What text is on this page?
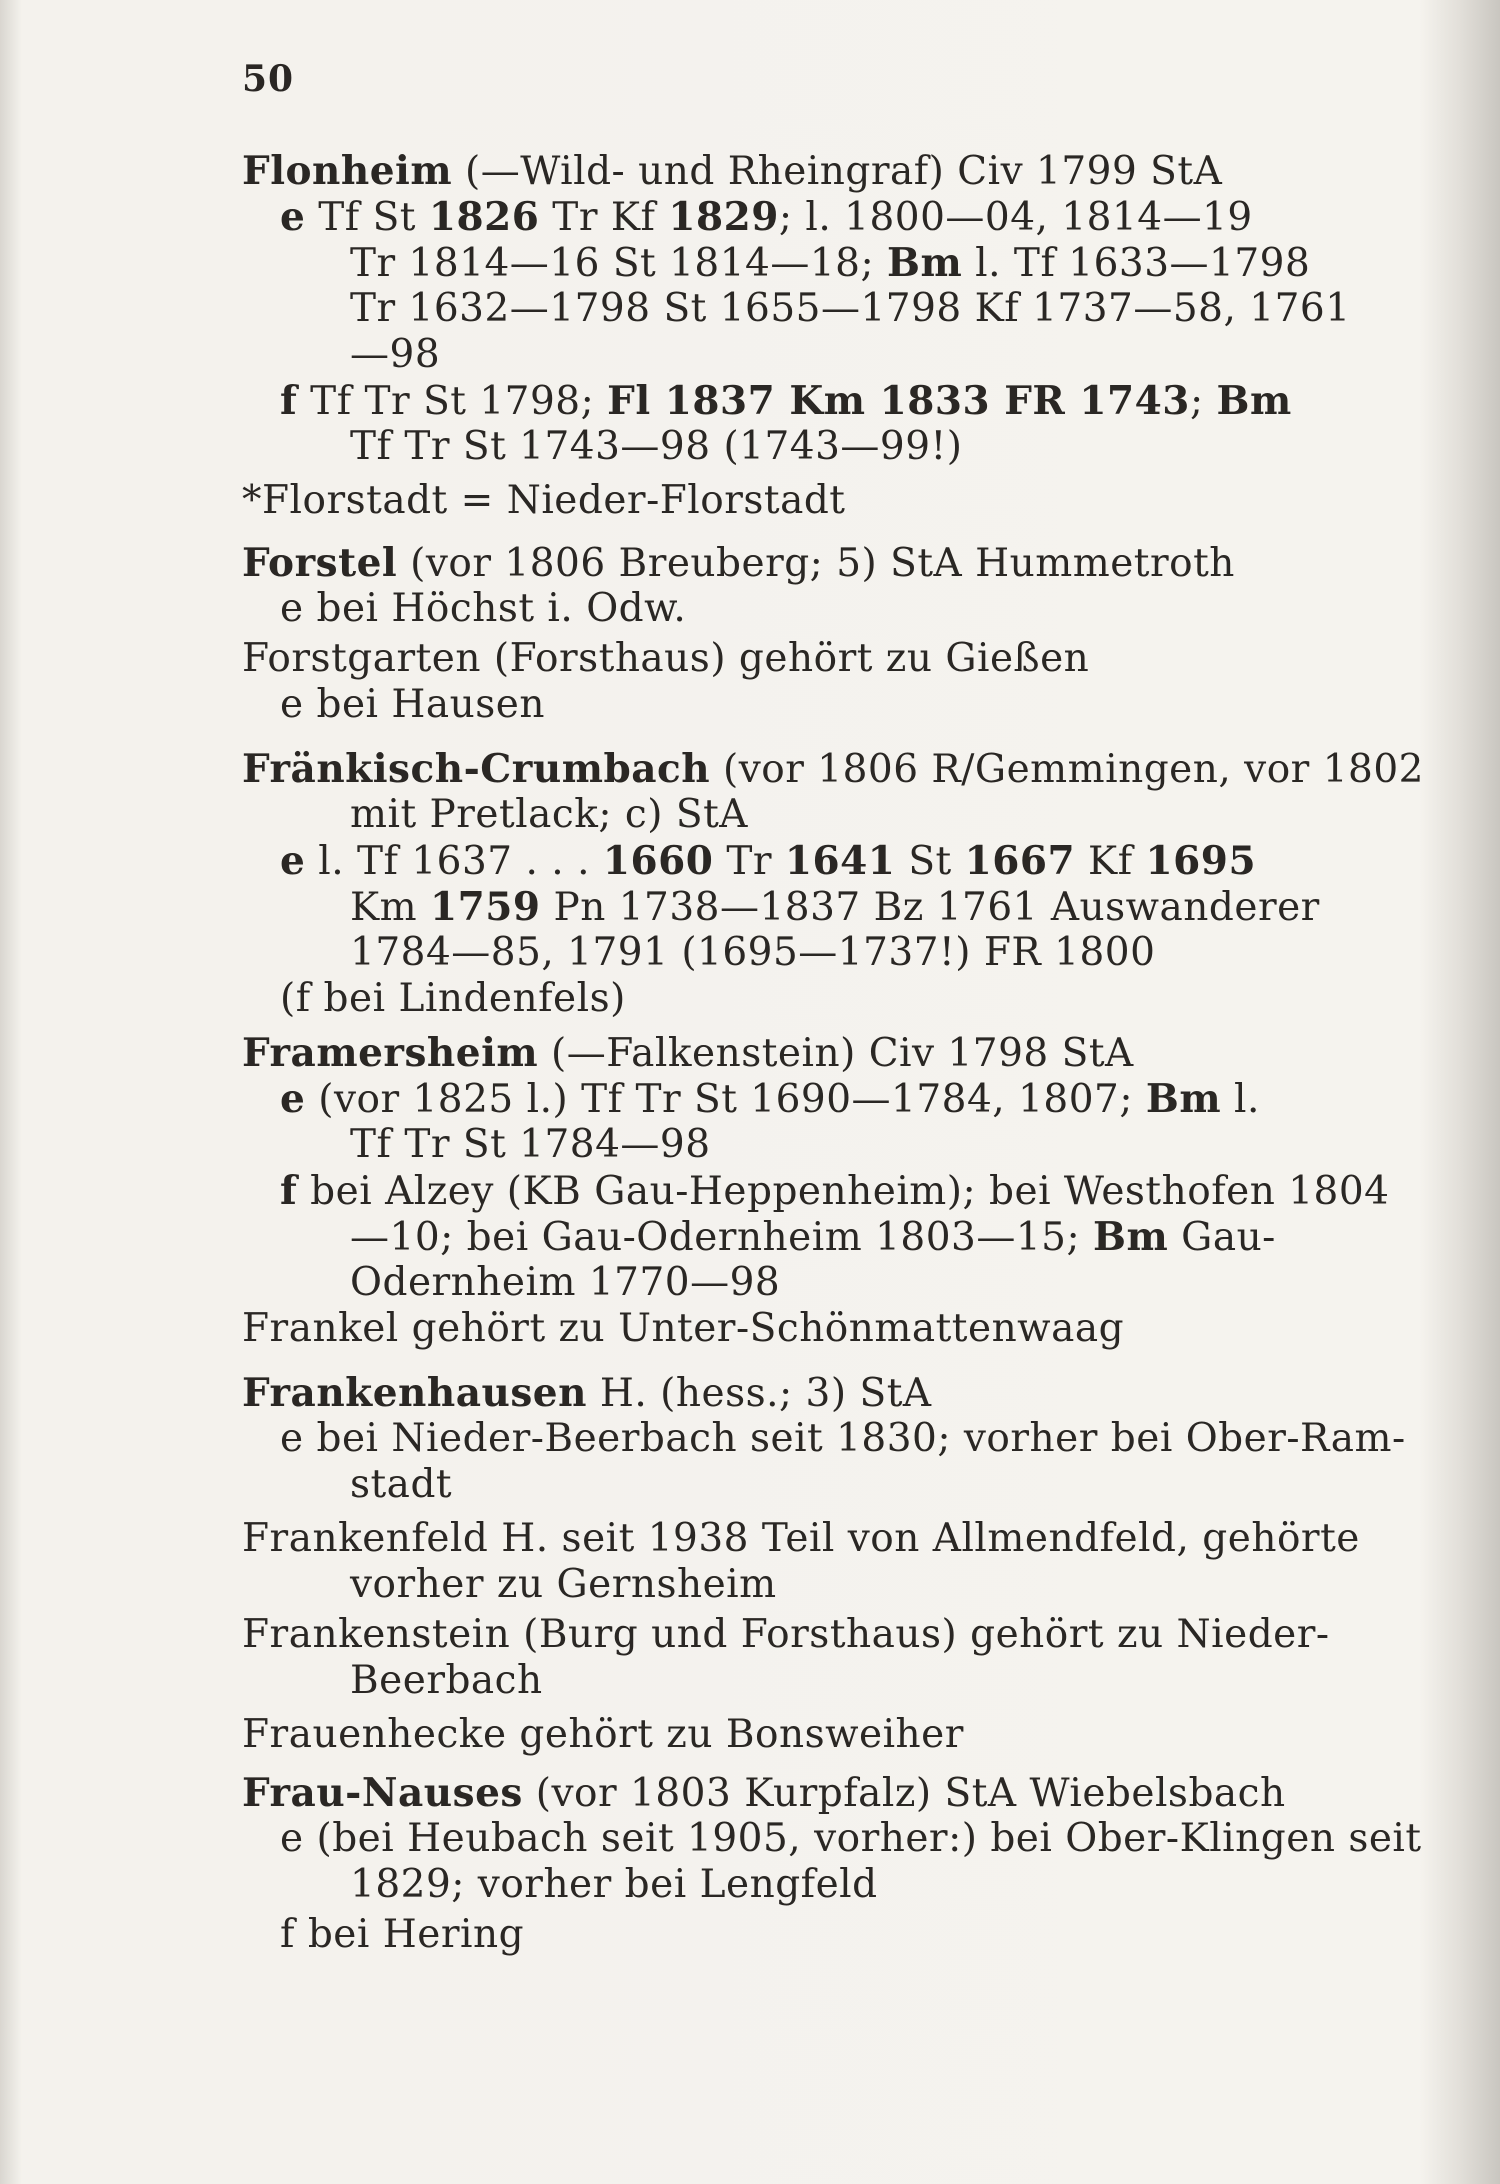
50
Flonheim (—Wild- und Rheingraf) Civ 1799 StA
e Tf St 1826 Tr Kf 1829; l. 1800—04, 1814—19
Tr 1814—16 St 1814—18; Bm l. Tf 1633—1798
Tr 1632—1798 St 1655—1798 Kf 1737—58, 1761
—98
f Tf Tr St 1798; Fl 1837 Km 1833 FR 1743; Bm
Tf Tr St 1743—98 (1743—99!)
*Florstadt = Nieder-Florstadt
Forstel (vor 1806 Breuberg; 5) StA Hummetroth
e bei Höchst i. Odw.
Forstgarten (Forsthaus) gehört zu Gießen
e bei Hausen
Fränkisch-Crumbach (vor 1806 R/Gemmingen, vor 1802
mit Pretlack; c) StA
e l. Tf 1637 . . . 1660 Tr 1641 St 1667 Kf 1695
Km 1759 Pn 1738—1837 Bz 1761 Auswanderer
1784—85, 1791 (1695—1737!) FR 1800
(f bei Lindenfels)
Framersheim (—Falkenstein) Civ 1798 StA
e (vor 1825 l.) Tf Tr St 1690—1784, 1807; Bm l.
Tf Tr St 1784—98
f bei Alzey (KB Gau-Heppenheim); bei Westhofen 1804
—10; bei Gau-Odernheim 1803—15; Bm Gau-
Odernheim 1770—98
Frankel gehört zu Unter-Schönmattenwaag
Frankenhausen H. (hess.; 3) StA
e bei Nieder-Beerbach seit 1830; vorher bei Ober-Ram-
stadt
Frankenfeld H. seit 1938 Teil von Allmendfeld, gehörte
vorher zu Gernsheim
Frankenstein (Burg und Forsthaus) gehört zu Nieder-
Beerbach
Frauenhecke gehört zu Bonsweiher
Frau-Nauses (vor 1803 Kurpfalz) StA Wiebelsbach
e (bei Heubach seit 1905, vorher:) bei Ober-Klingen seit
1829; vorher bei Lengfeld
f bei Hering
